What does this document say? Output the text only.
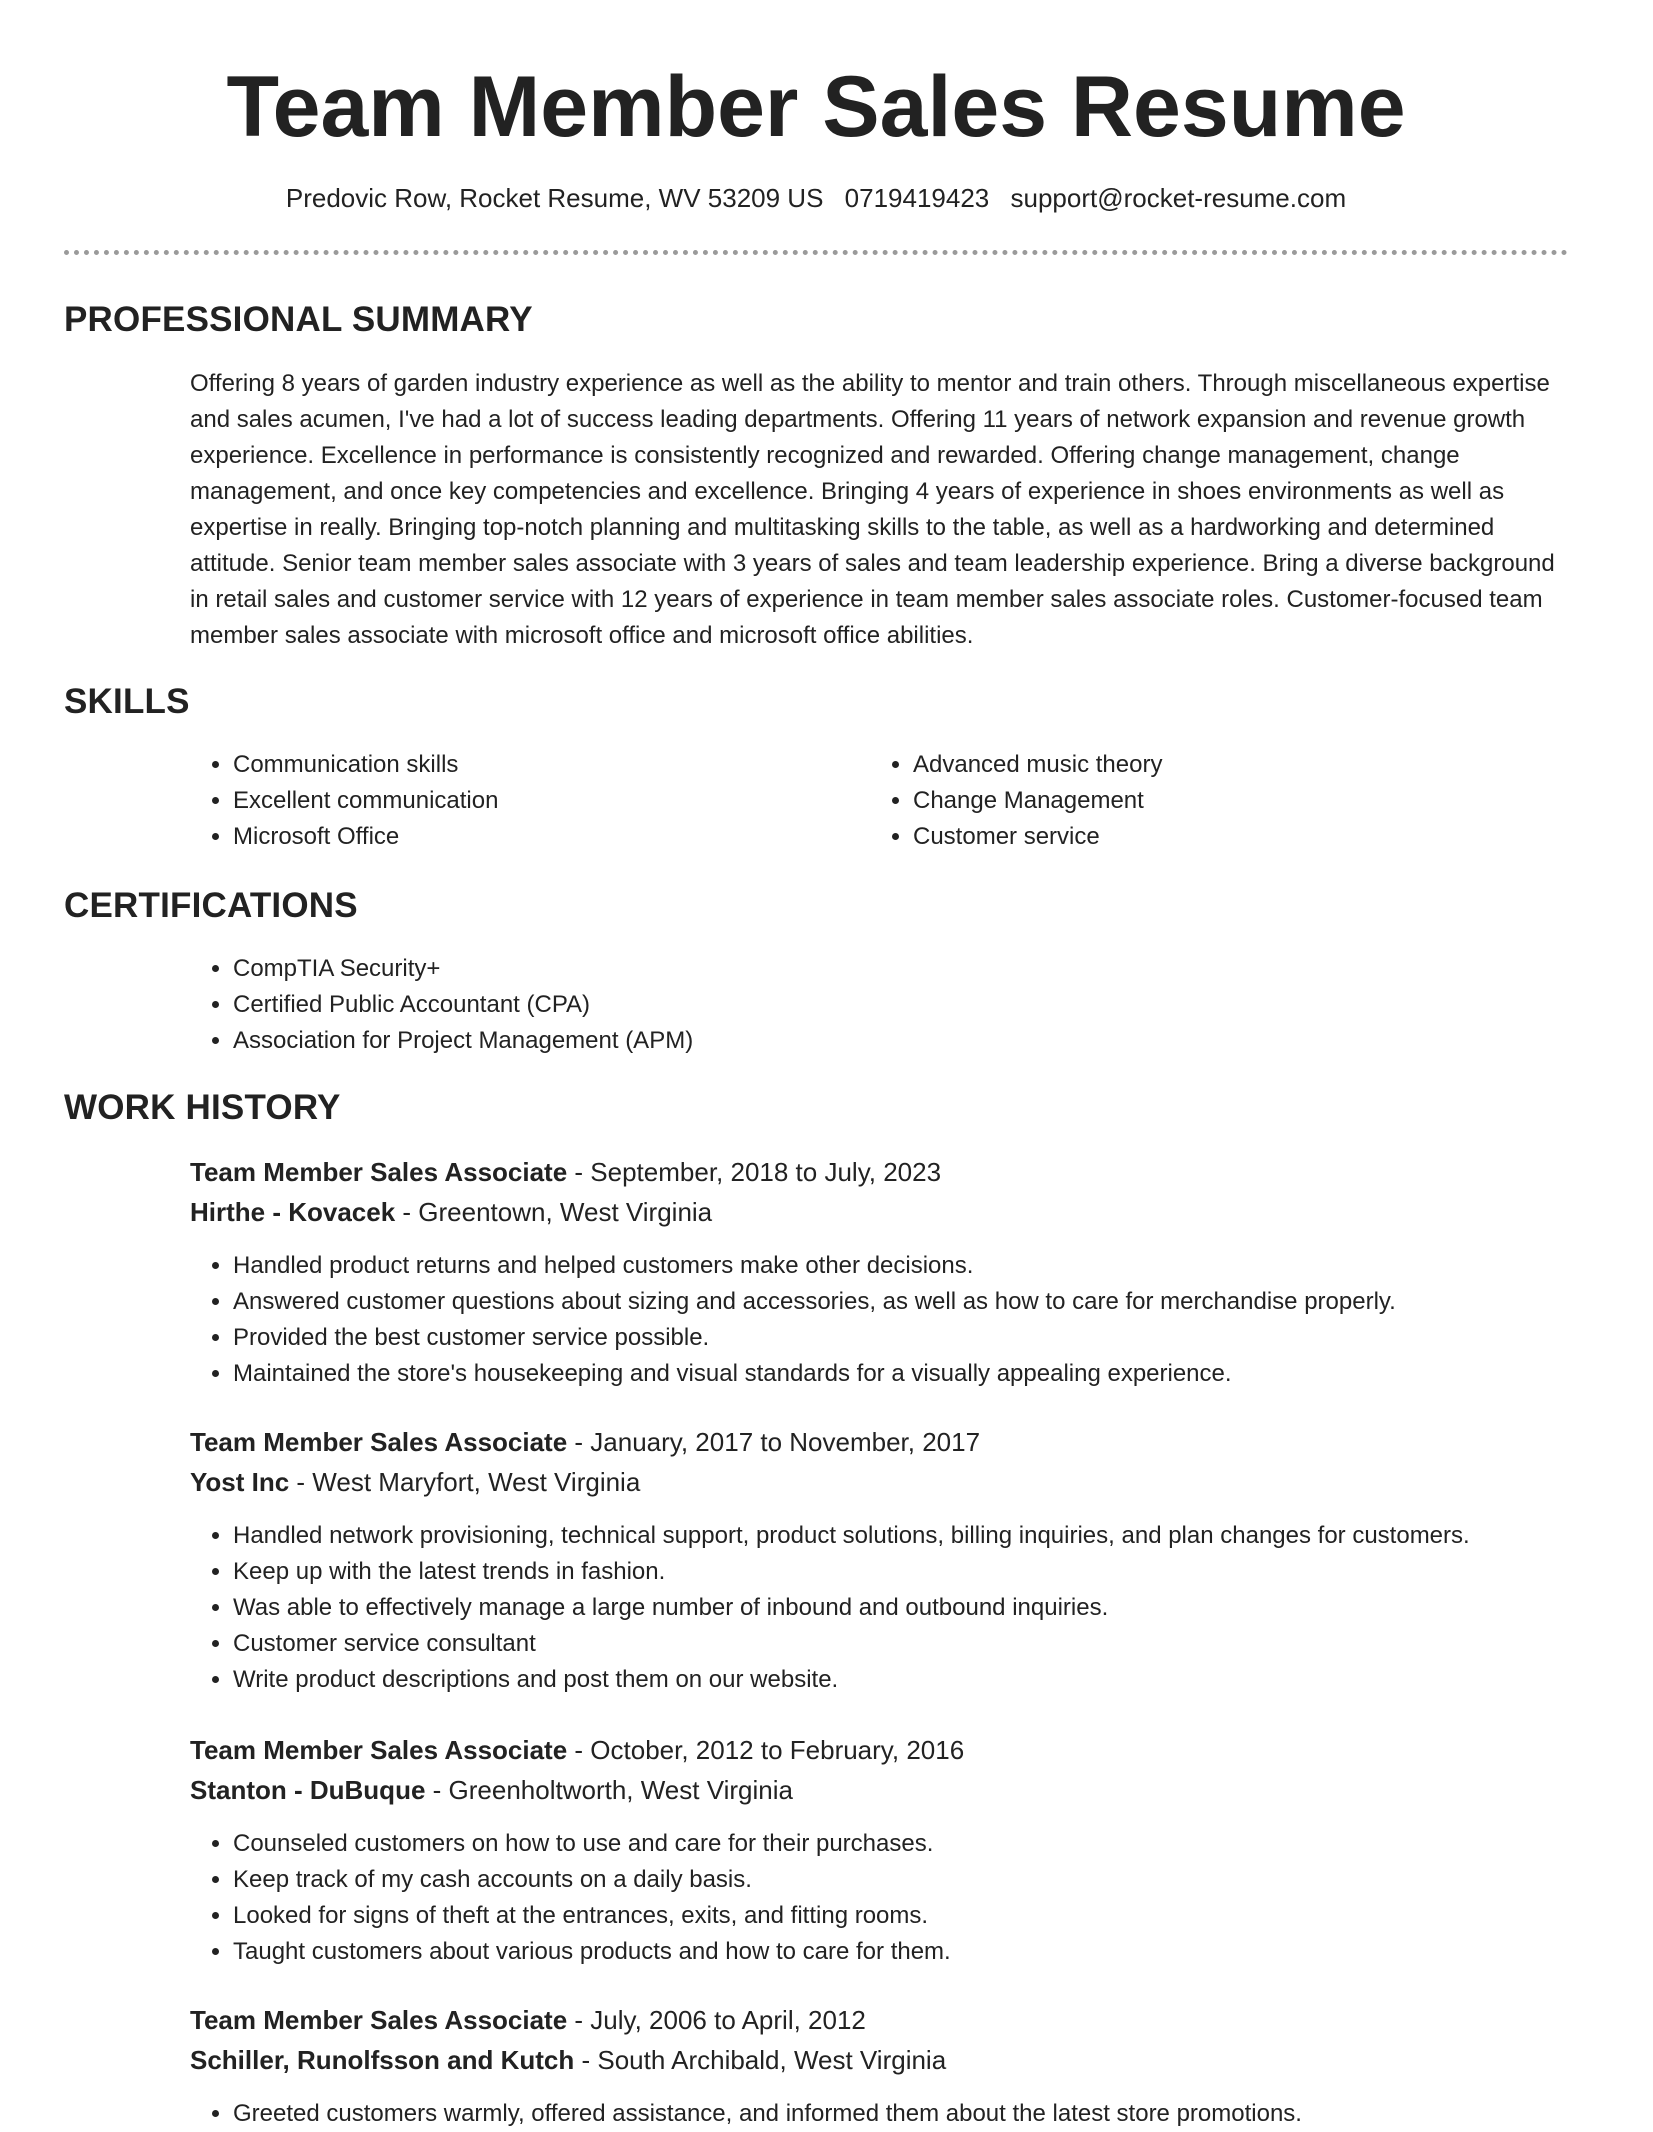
Team Member Sales Resume
Predovic Row, Rocket Resume, WV 53209 US 0719419423 support@rocket-resume.com
PROFESSIONAL SUMMARY

Offering 8 years of garden industry experience as well as the ability to mentor and train others. Through miscellaneous expertise and sales acumen, I've had a lot of success leading departments. Offering 11 years of network expansion and revenue growth experience. Excellence in performance is consistently recognized and rewarded. Offering change management, change management, and once key competencies and excellence. Bringing 4 years of experience in shoes environments as well as expertise in really. Bringing top-notch planning and multitasking skills to the table, as well as a hardworking and determined attitude. Senior team member sales associate with 3 years of sales and team leadership experience. Bring a diverse background in retail sales and customer service with 12 years of experience in team member sales associate roles. Customer-focused team member sales associate with microsoft office and microsoft office abilities.

SKILLS
• Communication skills
• Excellent communication
• Microsoft Office
• Advanced music theory
• Change Management
• Customer service
CERTIFICATIONS
• CompTIA Security+
• Certified Public Accountant (CPA)
• Association for Project Management (APM)
WORK HISTORY
Team Member Sales Associate - September, 2018 to July, 2023
Hirthe - Kovacek - Greentown, West Virginia
• Handled product returns and helped customers make other decisions.
• Answered customer questions about sizing and accessories, as well as how to care for merchandise properly.
• Provided the best customer service possible.
• Maintained the store's housekeeping and visual standards for a visually appealing experience.
Team Member Sales Associate - January, 2017 to November, 2017
Yost Inc - West Maryfort, West Virginia
• Handled network provisioning, technical support, product solutions, billing inquiries, and plan changes for customers.
• Keep up with the latest trends in fashion.
• Was able to effectively manage a large number of inbound and outbound inquiries.
• Customer service consultant
• Write product descriptions and post them on our website.
Team Member Sales Associate - October, 2012 to February, 2016
Stanton - DuBuque - Greenholtworth, West Virginia
• Counseled customers on how to use and care for their purchases.
• Keep track of my cash accounts on a daily basis.
• Looked for signs of theft at the entrances, exits, and fitting rooms.
• Taught customers about various products and how to care for them.
Team Member Sales Associate - July, 2006 to April, 2012
Schiller, Runolfsson and Kutch - South Archibald, West Virginia
• Greeted customers warmly, offered assistance, and informed them about the latest store promotions.
